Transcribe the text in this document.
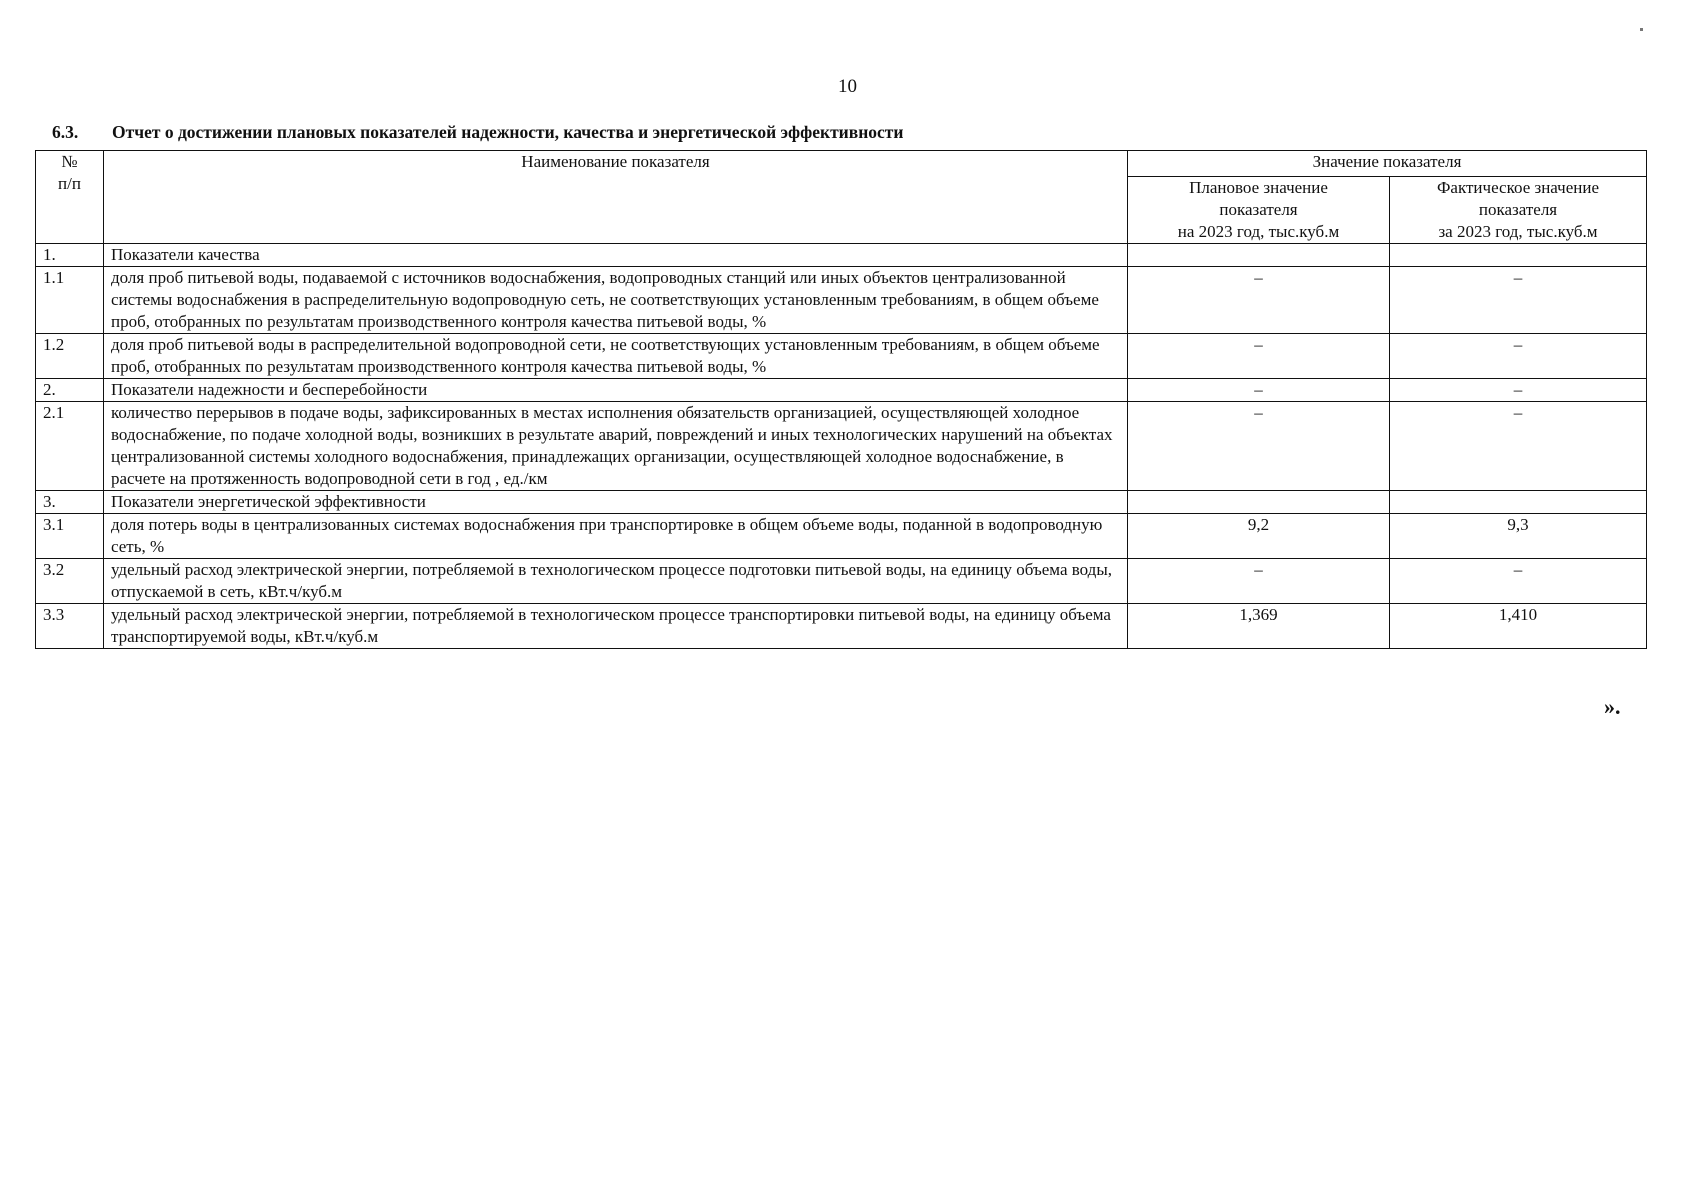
10
6.3. Отчет о достижении плановых показателей надежности, качества и энергетической эффективности
№
п/п	Наименование показателя	Значение показателя	
		Плановое значение
показателя
на 2023 год, тыс.куб.м	Фактическое значение
показателя
за 2023 год, тыс.куб.м
1.	Показатели качества		
1.1	доля проб питьевой воды, подаваемой с источников водоснабжения, водопроводных станций или иных объектов централизованной системы водоснабжения в распределительную водопроводную сеть, не соответствующих установленным требованиям, в общем объеме проб, отобранных по результатам производственного контроля качества питьевой воды, %	–	–
1.2	доля проб питьевой воды в распределительной водопроводной сети, не соответствующих установленным требованиям, в общем объеме проб, отобранных по результатам производственного контроля качества питьевой воды, %	–	–
2.	Показатели надежности и бесперебойности	–	–
2.1	количество перерывов в подаче воды, зафиксированных в местах исполнения обязательств организацией, осуществляющей холодное водоснабжение, по подаче холодной воды, возникших в результате аварий, повреждений и иных технологических нарушений на объектах централизованной системы холодного водоснабжения, принадлежащих организации, осуществляющей холодное водоснабжение, в расчете на протяженность водопроводной сети в год , ед./км	–	–
3.	Показатели энергетической эффективности		
3.1	доля потерь воды в централизованных системах водоснабжения при транспортировке в общем объеме воды, поданной в водопроводную сеть, %	9,2	9,3
3.2	удельный расход электрической энергии, потребляемой в технологическом процессе подготовки питьевой воды, на единицу объема воды, отпускаемой в сеть, кВт.ч/куб.м	–	–
3.3	удельный расход электрической энергии, потребляемой в технологическом процессе транспортировки питьевой воды, на единицу объема транспортируемой воды, кВт.ч/куб.м	1,369	1,410
».
